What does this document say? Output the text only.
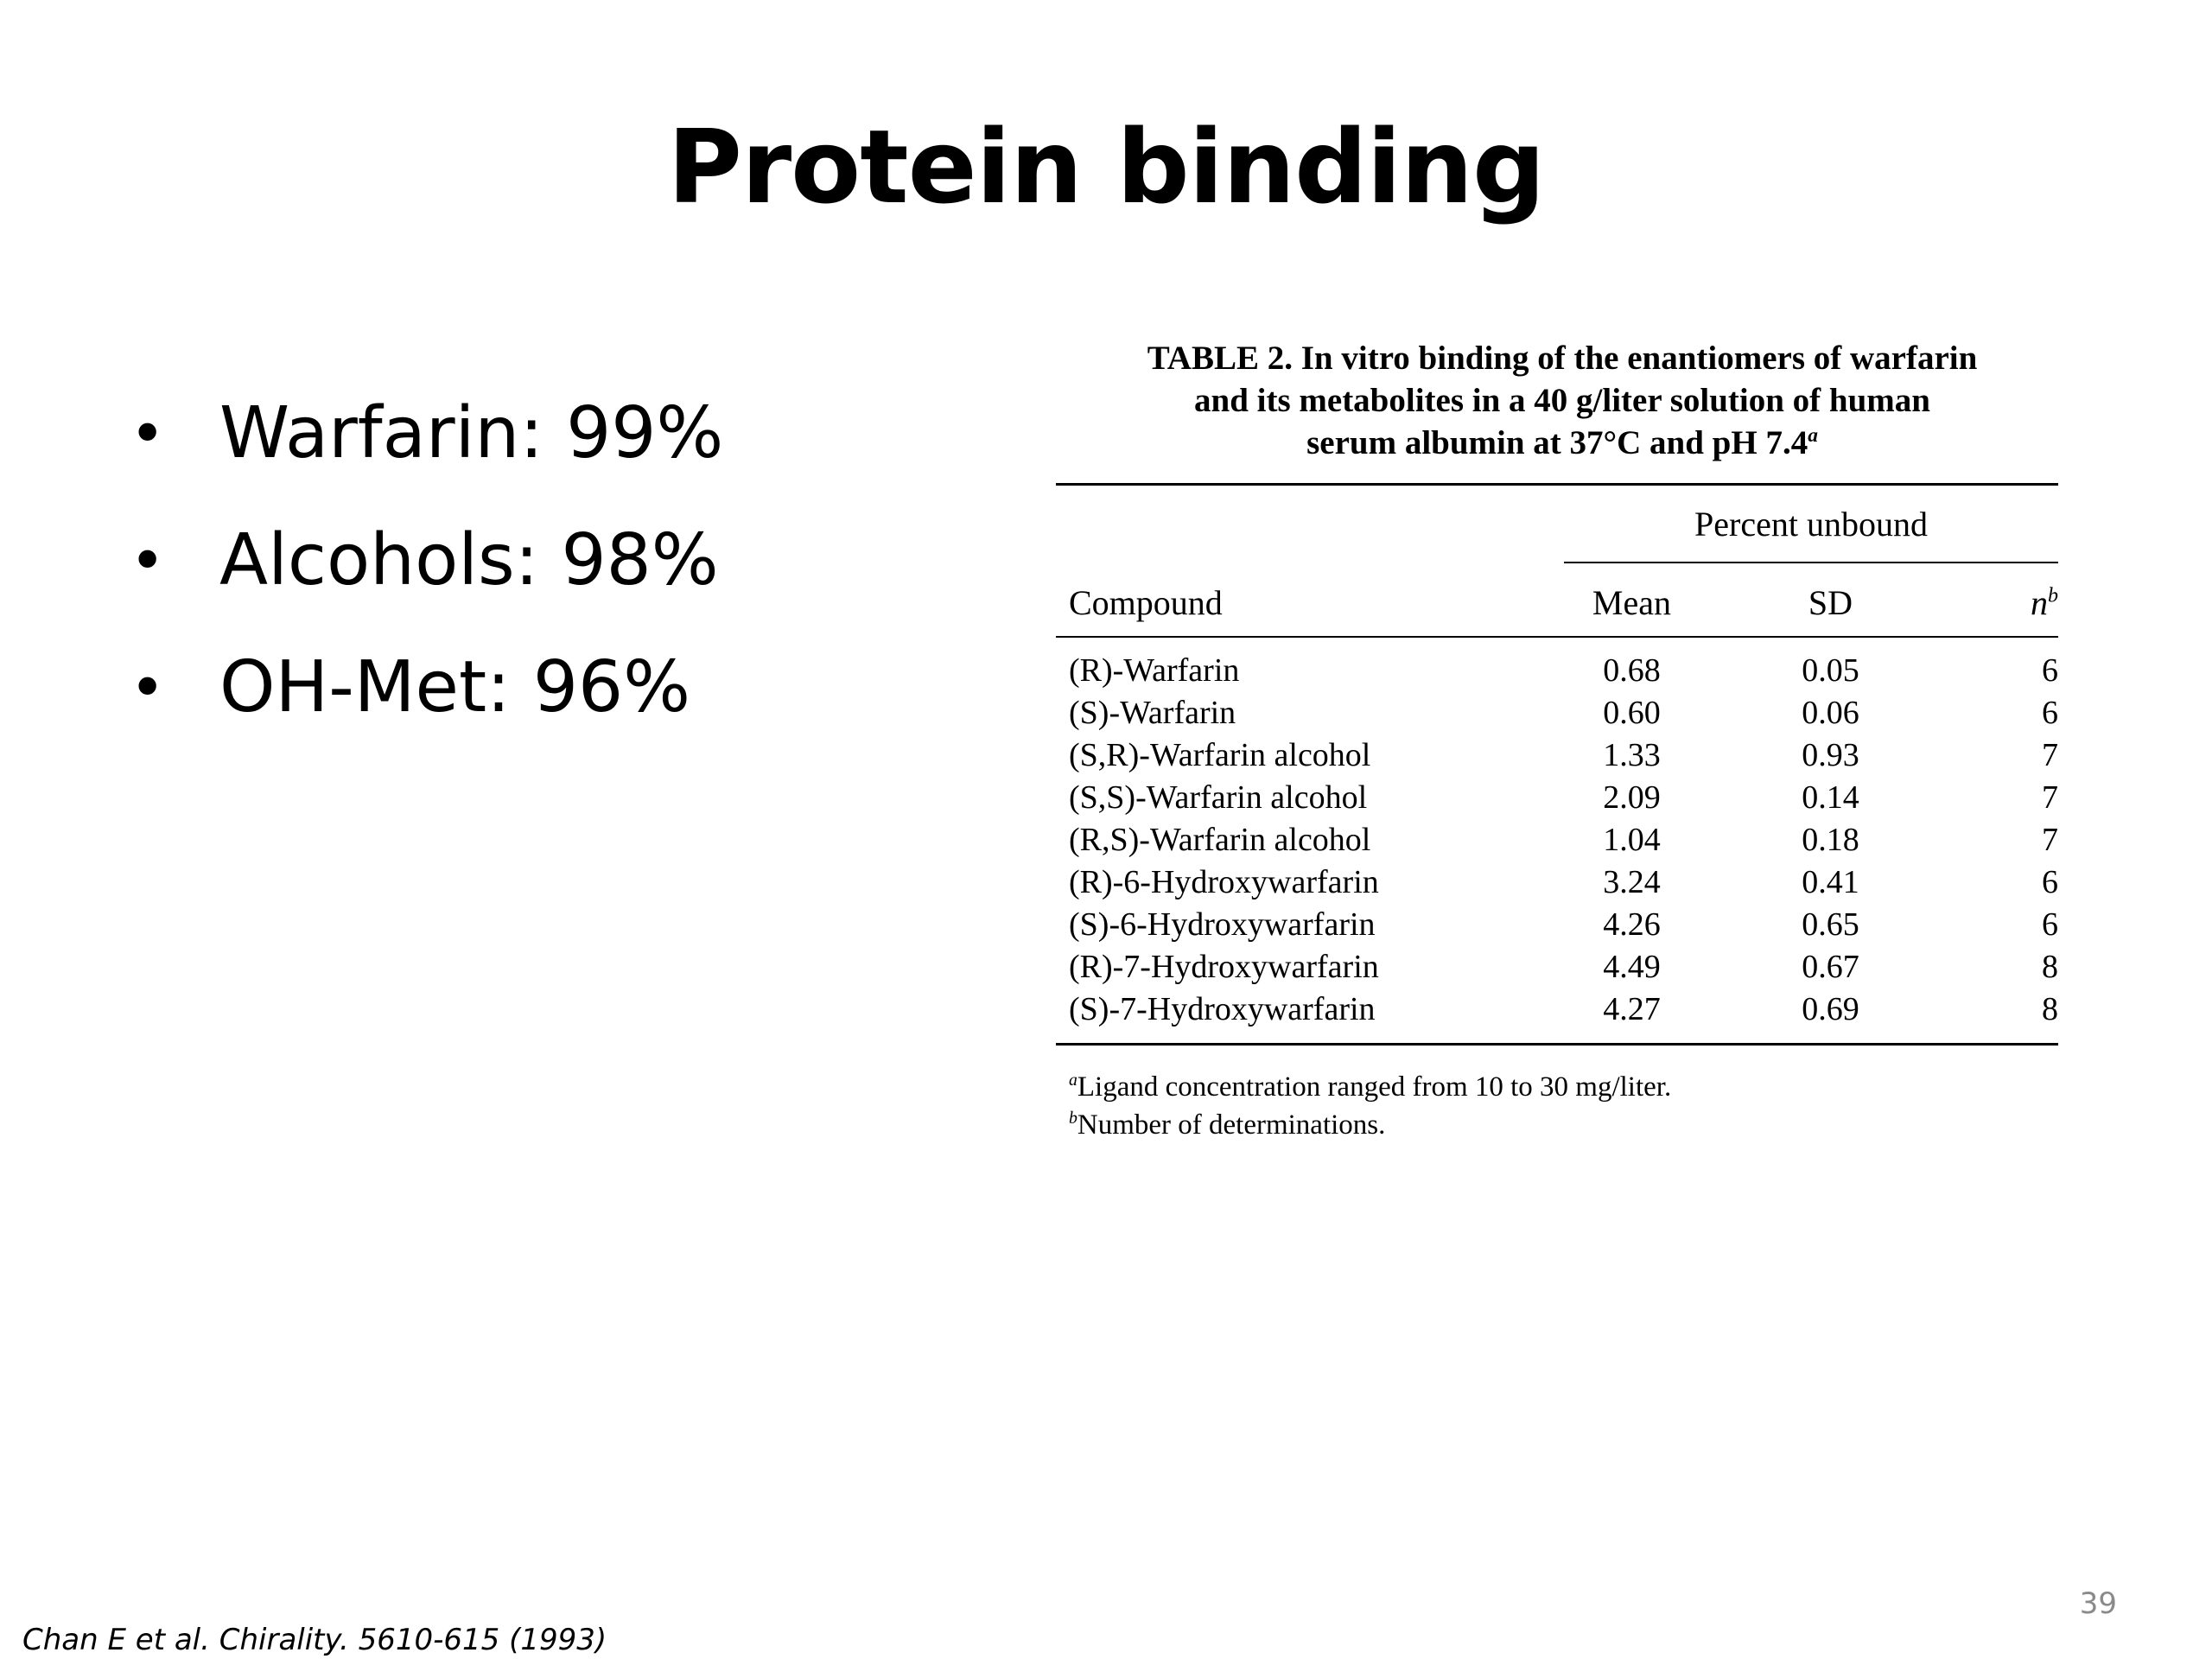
Protein binding
• Warfarin: 99%
• Alcohols: 98%
• OH-Met: 96%
TABLE 2. In vitro binding of the enantiomers of warfarin
and its metabolites in a 40 g/liter solution of human
serum albumin at 37°C and pH 7.4$^a$
Percent unbound
Compound	Mean	SD	$n^b$
(R)-Warfarin	0.68	0.05	6
(S)-Warfarin	0.60	0.06	6
(S,R)-Warfarin alcohol	1.33	0.93	7
(S,S)-Warfarin alcohol	2.09	0.14	7
(R,S)-Warfarin alcohol	1.04	0.18	7
(R)-6-Hydroxywarfarin	3.24	0.41	6
(S)-6-Hydroxywarfarin	4.26	0.65	6
(R)-7-Hydroxywarfarin	4.49	0.67	8
(S)-7-Hydroxywarfarin	4.27	0.69	8
$^a$Ligand concentration ranged from 10 to 30 mg/liter.
$^b$Number of determinations.
Chan E et al. Chirality. 5610-615 (1993)
39
